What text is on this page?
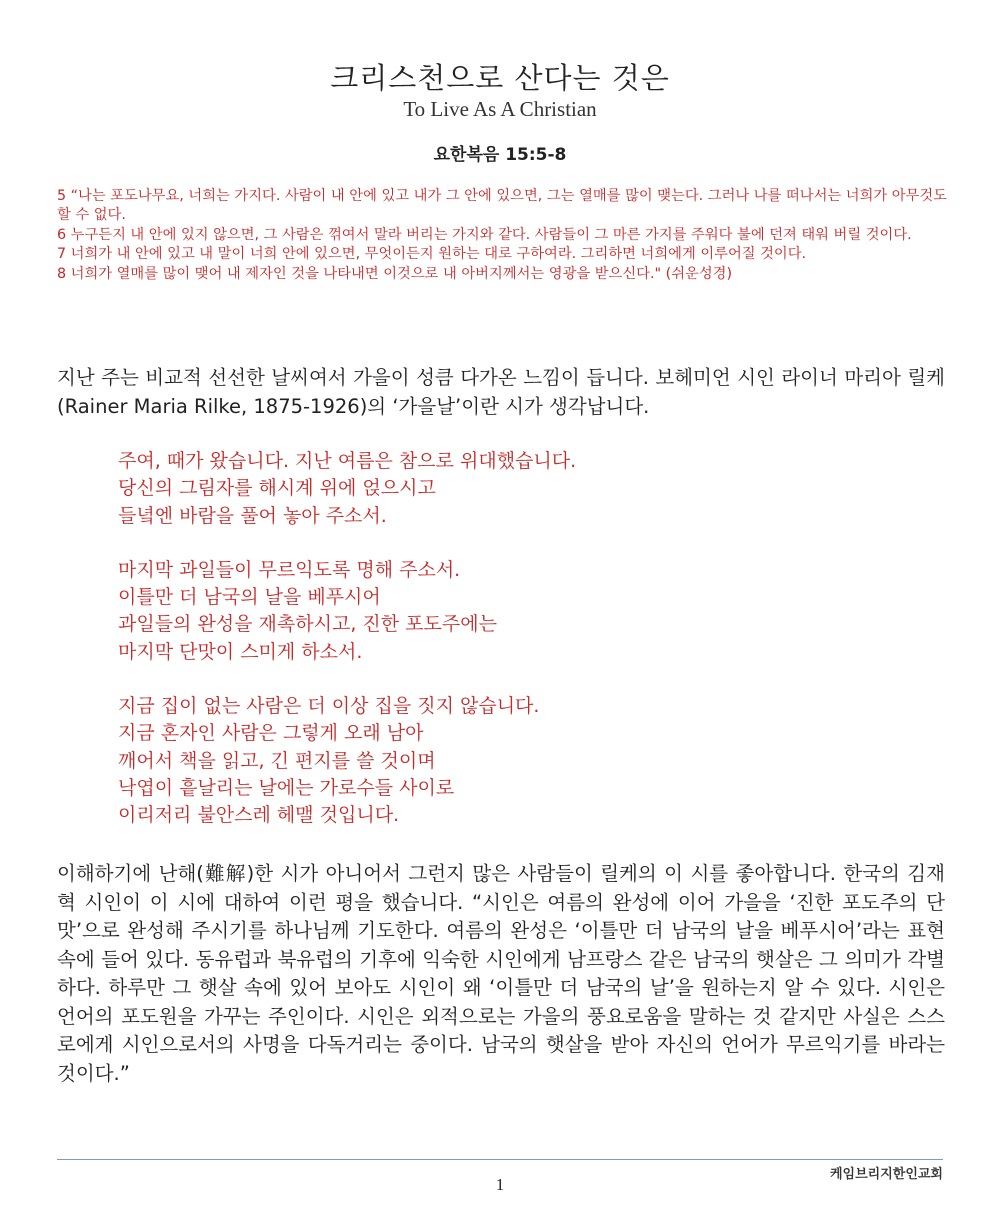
크리스천으로 산다는 것은
To Live As A Christian
요한복음 15:5-8

5 “나는 포도나무요, 너희는 가지다. 사람이 내 안에 있고 내가 그 안에 있으면, 그는 열매를 많이 맺는다. 그러나 나를 떠나서는 너희가 아무것도 할 수 없다.

6 누구든지 내 안에 있지 않으면, 그 사람은 꺾여서 말라 버리는 가지와 같다. 사람들이 그 마른 가지를 주워다 불에 던져 태워 버릴 것이다.

7 너희가 내 안에 있고 내 말이 너희 안에 있으면, 무엇이든지 원하는 대로 구하여라. 그리하면 너희에게 이루어질 것이다.

8 너희가 열매를 많이 맺어 내 제자인 것을 나타내면 이것으로 내 아버지께서는 영광을 받으신다." (쉬운성경)

지난 주는 비교적 선선한 날씨여서 가을이 성큼 다가온 느낌이 듭니다. 보헤미언 시인 라이너 마리아 릴케 (Rainer Maria Rilke, 1875-1926)의 ‘가을날’이란 시가 생각납니다.

주여, 때가 왔습니다. 지난 여름은 참으로 위대했습니다.
당신의 그림자를 해시계 위에 얹으시고
들녘엔 바람을 풀어 놓아 주소서.
마지막 과일들이 무르익도록 명해 주소서.
이틀만 더 남국의 날을 베푸시어
과일들의 완성을 재촉하시고, 진한 포도주에는
마지막 단맛이 스미게 하소서.
지금 집이 없는 사람은 더 이상 집을 짓지 않습니다.
지금 혼자인 사람은 그렇게 오래 남아
깨어서 책을 읽고, 긴 편지를 쓸 것이며
낙엽이 흩날리는 날에는 가로수들 사이로
이리저리 불안스레 헤맬 것입니다.

이해하기에 난해(難解)한 시가 아니어서 그런지 많은 사람들이 릴케의 이 시를 좋아합니다. 한국의 김재혁 시인이 이 시에 대하여 이런 평을 했습니다. “시인은 여름의 완성에 이어 가을을 ‘진한 포도주의 단 맛’으로 완성해 주시기를 하나님께 기도한다. 여름의 완성은 ‘이틀만 더 남국의 날을 베푸시어’라는 표현 속에 들어 있다. 동유럽과 북유럽의 기후에 익숙한 시인에게 남프랑스 같은 남국의 햇살은 그 의미가 각별하다. 하루만 그 햇살 속에 있어 보아도 시인이 왜 ‘이틀만 더 남국의 날’을 원하는지 알 수 있다. 시인은 언어의 포도원을 가꾸는 주인이다. 시인은 외적으로는 가을의 풍요로움을 말하는 것 같지만 사실은 스스로에게 시인으로서의 사명을 다독거리는 중이다. 남국의 햇살을 받아 자신의 언어가 무르익기를 바라는 것이다.”

케임브리지한인교회
1
